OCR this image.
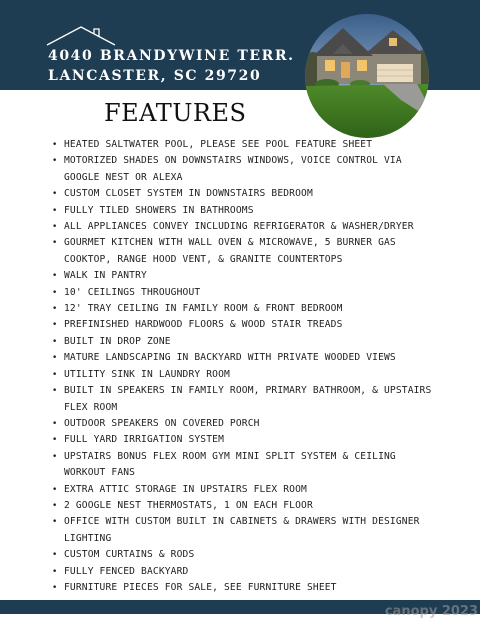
4040 BRANDYWINE TERR.
LANCASTER, SC 29720
FEATURES
• HEATED SALTWATER POOL, PLEASE SEE POOL FEATURE SHEET
• MOTORIZED SHADES ON DOWNSTAIRS WINDOWS, VOICE CONTROL VIA GOOGLE NEST OR ALEXA
• CUSTOM CLOSET SYSTEM IN DOWNSTAIRS BEDROOM
• FULLY TILED SHOWERS IN BATHROOMS
• ALL APPLIANCES CONVEY INCLUDING REFRIGERATOR & WASHER/DRYER
• GOURMET KITCHEN WITH WALL OVEN & MICROWAVE, 5 BURNER GAS COOKTOP, RANGE HOOD VENT, & GRANITE COUNTERTOPS
• WALK IN PANTRY
• 10' CEILINGS THROUGHOUT
• 12' TRAY CEILING IN FAMILY ROOM & FRONT BEDROOM
• PREFINISHED HARDWOOD FLOORS & WOOD STAIR TREADS
• BUILT IN DROP ZONE
• MATURE LANDSCAPING IN BACKYARD WITH PRIVATE WOODED VIEWS
• UTILITY SINK IN LAUNDRY ROOM
• BUILT IN SPEAKERS IN FAMILY ROOM, PRIMARY BATHROOM, & UPSTAIRS FLEX ROOM
• OUTDOOR SPEAKERS ON COVERED PORCH
• FULL YARD IRRIGATION SYSTEM
• UPSTAIRS BONUS FLEX ROOM GYM MINI SPLIT SYSTEM & CEILING WORKOUT FANS
• EXTRA ATTIC STORAGE IN UPSTAIRS FLEX ROOM
• 2 GOOGLE NEST THERMOSTATS, 1 ON EACH FLOOR
• OFFICE WITH CUSTOM BUILT IN CABINETS & DRAWERS WITH DESIGNER LIGHTING
• CUSTOM CURTAINS & RODS
• FULLY FENCED BACKYARD
• FURNITURE PIECES FOR SALE, SEE FURNITURE SHEET
canopy 2023
